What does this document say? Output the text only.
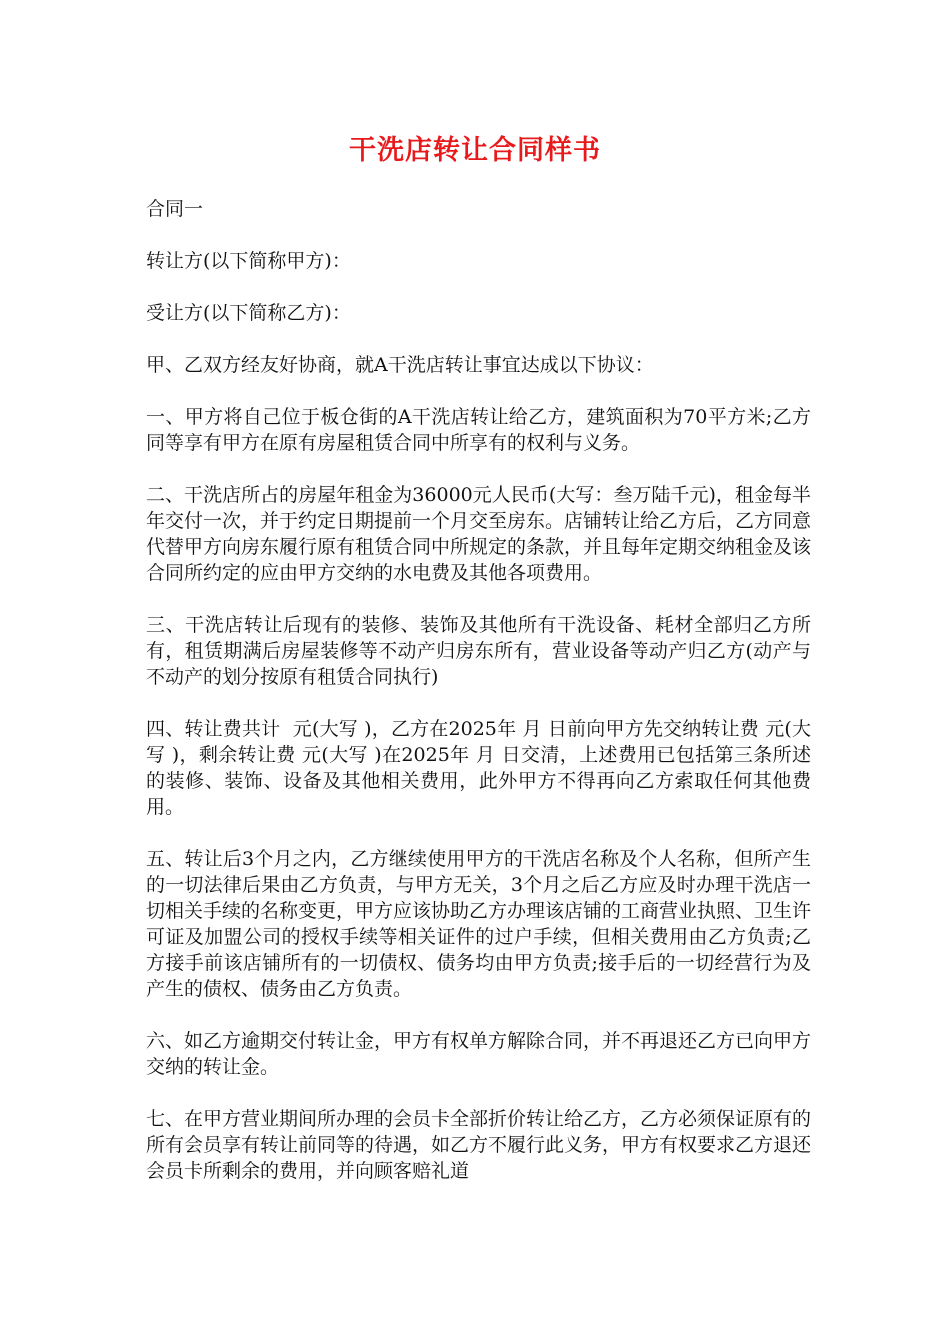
干洗店转让合同样书

合同一

转让方(以下简称甲方)：

受让方(以下简称乙方)：

甲、乙双方经友好协商，就A干洗店转让事宜达成以下协议：

一、甲方将自己位于板仓街的A干洗店转让给乙方，建筑面积为70平方米;乙方同等享有甲方在原有房屋租赁合同中所享有的权利与义务。

二、干洗店所占的房屋年租金为36000元人民币(大写：叁万陆千元)，租金每半年交付一次，并于约定日期提前一个月交至房东。店铺转让给乙方后，乙方同意代替甲方向房东履行原有租赁合同中所规定的条款，并且每年定期交纳租金及该合同所约定的应由甲方交纳的水电费及其他各项费用。

三、干洗店转让后现有的装修、装饰及其他所有干洗设备、耗材全部归乙方所有，租赁期满后房屋装修等不动产归房东所有，营业设备等动产归乙方(动产与不动产的划分按原有租赁合同执行)

四、转让费共计  元(大写 )，乙方在2025年 月 日前向甲方先交纳转让费 元(大写 )，剩余转让费 元(大写 )在2025年 月 日交清，上述费用已包括第三条所述的装修、装饰、设备及其他相关费用，此外甲方不得再向乙方索取任何其他费用。

五、转让后3个月之内，乙方继续使用甲方的干洗店名称及个人名称，但所产生的一切法律后果由乙方负责，与甲方无关，3个月之后乙方应及时办理干洗店一切相关手续的名称变更，甲方应该协助乙方办理该店铺的工商营业执照、卫生许可证及加盟公司的授权手续等相关证件的过户手续，但相关费用由乙方负责;乙方接手前该店铺所有的一切债权、债务均由甲方负责;接手后的一切经营行为及产生的债权、债务由乙方负责。

六、如乙方逾期交付转让金，甲方有权单方解除合同，并不再退还乙方已向甲方交纳的转让金。

七、在甲方营业期间所办理的会员卡全部折价转让给乙方，乙方必须保证原有的所有会员享有转让前同等的待遇，如乙方不履行此义务，甲方有权要求乙方退还会员卡所剩余的费用，并向顾客赔礼道
